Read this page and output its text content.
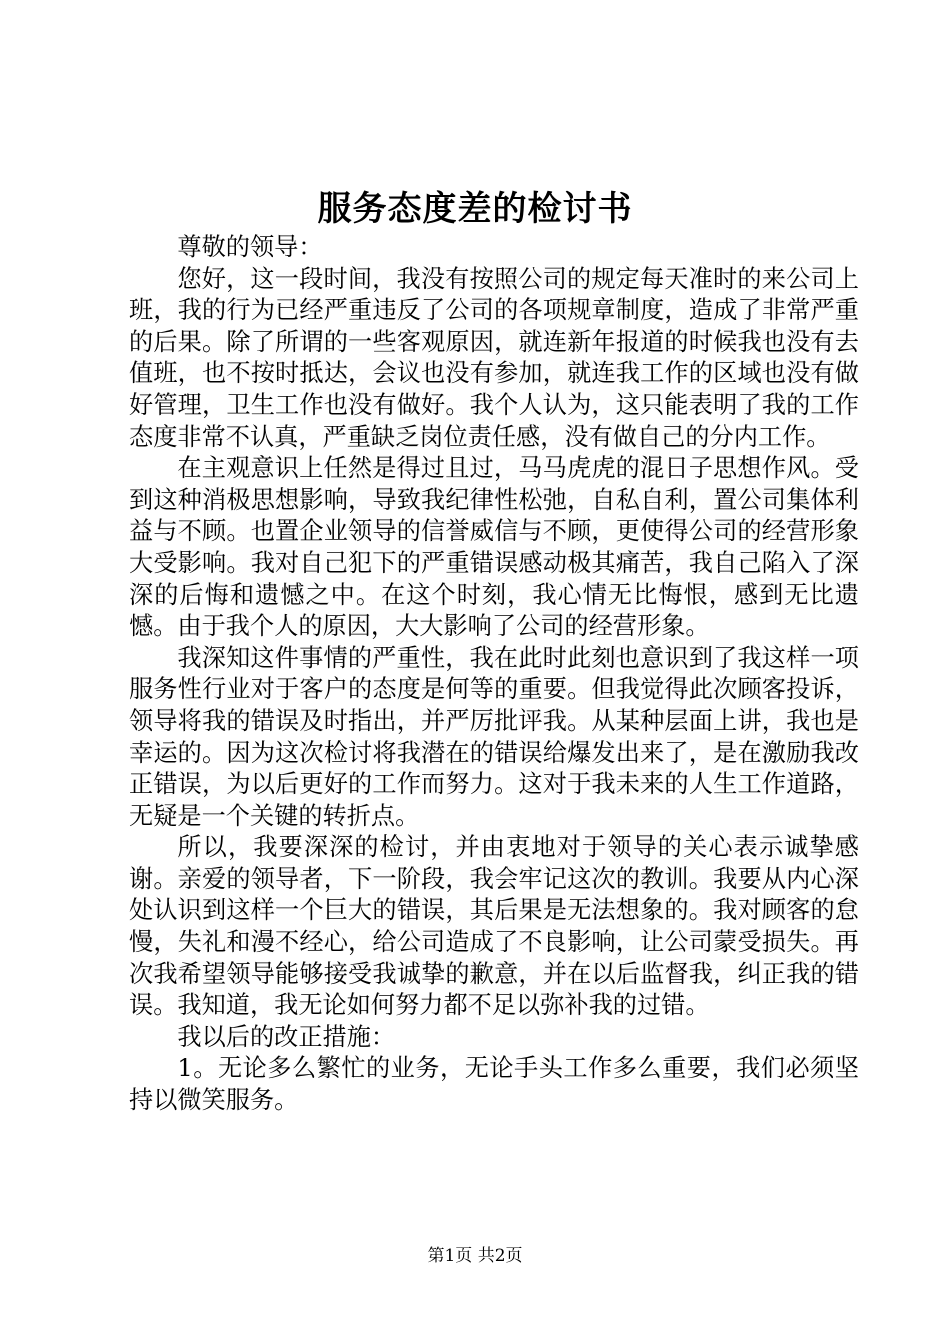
服务态度差的检讨书

尊敬的领导：

您好，这一段时间，我没有按照公司的规定每天准时的来公司上班，我的行为已经严重违反了公司的各项规章制度，造成了非常严重的后果。除了所谓的一些客观原因，就连新年报道的时候我也没有去值班，也不按时抵达，会议也没有参加，就连我工作的区域也没有做好管理，卫生工作也没有做好。我个人认为，这只能表明了我的工作态度非常不认真，严重缺乏岗位责任感，没有做自己的分内工作。

在主观意识上任然是得过且过，马马虎虎的混日子思想作风。受到这种消极思想影响，导致我纪律性松弛，自私自利，置公司集体利益与不顾。也置企业领导的信誉威信与不顾，更使得公司的经营形象大受影响。我对自己犯下的严重错误感动极其痛苦，我自己陷入了深深的后悔和遗憾之中。在这个时刻，我心情无比悔恨，感到无比遗憾。由于我个人的原因，大大影响了公司的经营形象。

我深知这件事情的严重性，我在此时此刻也意识到了我这样一项服务性行业对于客户的态度是何等的重要。但我觉得此次顾客投诉，领导将我的错误及时指出，并严厉批评我。从某种层面上讲，我也是幸运的。因为这次检讨将我潜在的错误给爆发出来了，是在激励我改正错误，为以后更好的工作而努力。这对于我未来的人生工作道路，无疑是一个关键的转折点。

所以，我要深深的检讨，并由衷地对于领导的关心表示诚挚感谢。亲爱的领导者，下一阶段，我会牢记这次的教训。我要从内心深处认识到这样一个巨大的错误，其后果是无法想象的。我对顾客的怠慢，失礼和漫不经心，给公司造成了不良影响，让公司蒙受损失。再次我希望领导能够接受我诚挚的歉意，并在以后监督我，纠正我的错误。我知道，我无论如何努力都不足以弥补我的过错。

我以后的改正措施：

1。无论多么繁忙的业务，无论手头工作多么重要，我们必须坚持以微笑服务。

第1页 共2页
